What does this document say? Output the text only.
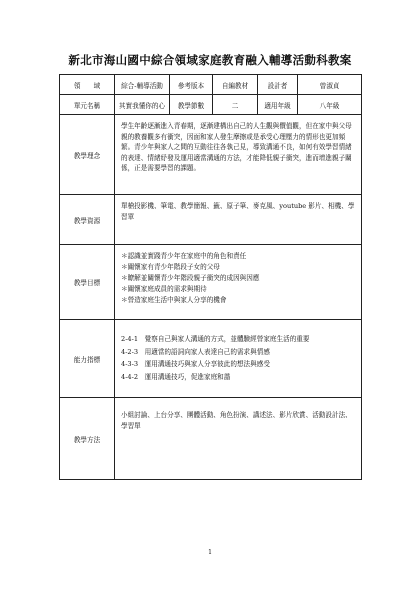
新北市海山國中綜合領域家庭教育融入輔導活動科教案
領　　域	綜合-輔導活動	參考版本	自編教材	設計者	曾淑貞
單元名稱	其實我懂你的心	教學節數	二	適用年級	八年級
教學理念	學生年齡逐漸進入青春期，逐漸建構出自己的人生觀與價值觀，但在家中與父母親的教養觀多有衝突，因面和家人發生摩擦或是承受心理壓力的情形也更加頻繁。青少年與家人之間的互動往往各執己見，導致溝通不良，如何有效學習情緒的表達、情緒紓發及運用適當溝通的方法，才能降低親子衝突，進而增進親子關係，正是需要學習的課題。				
教學資源	單槍投影機、筆電、教學簡報、籤、原子筆、麥克風、youtube 影片、相機、學習單				
教學目標	＊認識並實踐青少年在家庭中的角色和責任
＊關懷家有青少年階段子女的父母
＊瞭解並關懷青少年階段親子衝突的成因與因應
＊關懷家庭成員的需求與期待
＊營造家庭生活中與家人分享的機會				

能力指標	2-4-1　覺察自己與家人溝通的方式，並體驗經營家庭生活的重要
4-2-3　用適當的語詞向家人表達自己的需求與情感
4-3-3　運用溝通技巧與家人分享彼此的想法與感受
4-4-2　運用溝通技巧，促進家庭和諧				

教學方法	小組討論、上台分享、團體活動、角色扮演、講述法、影片欣賞、活動設計法、學習單				
1
